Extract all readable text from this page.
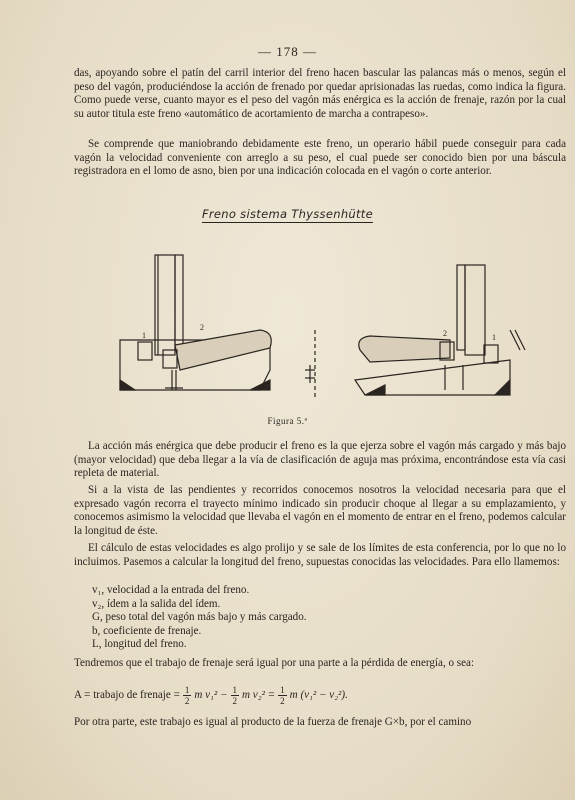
— 178 —

das, apoyando sobre el patín del carril interior del freno hacen bascular las palancas más o menos, según el peso del vagón, produciéndose la acción de frenado por quedar aprisionadas las ruedas, como indica la figura. Como puede verse, cuanto mayor es el peso del vagón más enérgica es la acción de frenaje, razón por la cual su autor titula este freno «automático de acortamiento de marcha a contrapeso».

Se comprende que maniobrando debidamente este freno, un operario hábil puede conseguir para cada vagón la velocidad conveniente con arreglo a su peso, el cual puede ser conocido bien por una báscula registradora en el lomo de asno, bien por una indicación colocada en el vagón o corte anterior.

Freno sistema Thyssenhütte
1
2
2	1
Figura 5.ª

La acción más enérgica que debe producir el freno es la que ejerza sobre el vagón más cargado y más bajo (mayor velocidad) que deba llegar a la vía de clasificación de aguja mas próxima, encontrándose esta vía casi repleta de material.

Si a la vista de las pendientes y recorridos conocemos nosotros la velocidad necesaria para que el expresado vagón recorra el trayecto mínimo indicado sin producir choque al llegar a su emplazamiento, y conocemos asimismo la velocidad que llevaba el vagón en el momento de entrar en el freno, podemos calcular la longitud de éste.

El cálculo de estas velocidades es algo prolijo y se sale de los límites de esta conferencia, por lo que no lo incluimos. Pasemos a calcular la longitud del freno, supuestas conocidas las velocidades. Para ello llamemos:

v₁, velocidad a la entrada del freno.
v₂, ídem a la salida del ídem.
G, peso total del vagón más bajo y más cargado.
b, coeficiente de frenaje.
L, longitud del freno.

Tendremos que el trabajo de frenaje será igual por una parte a la pérdida de energía, o sea:

A = trabajo de frenaje = $\frac{1}{2}$ m $v_1^2 - \frac{1}{2}$ m $v_2^2 = \frac{1}{2}$ m (v₁² − v₂²).

Por otra parte, este trabajo es igual al producto de la fuerza de frenaje G×b, por el camino
